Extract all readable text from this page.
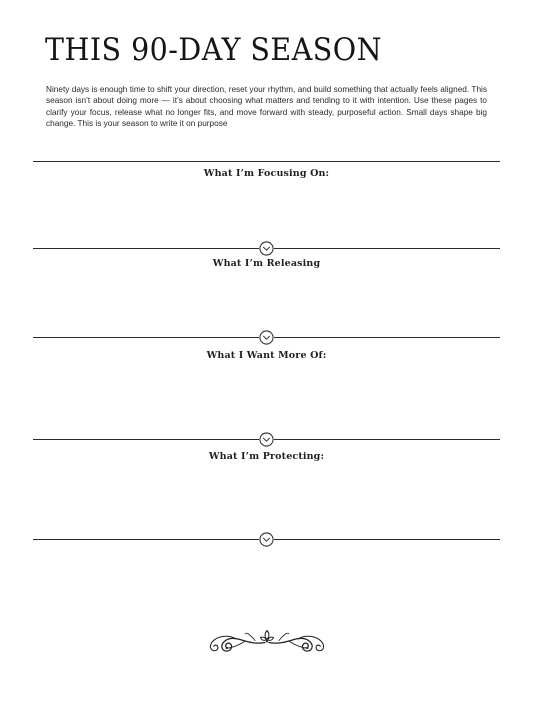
THIS 90-DAY SEASON
Ninety days is enough time to shift your direction, reset your rhythm, and build something that actually feels aligned. This season isn’t about doing more — it’s about choosing what matters and tending to it with intention. Use these pages to clarify your focus, release what no longer fits, and move forward with steady, purposeful action. Small days shape big change. This is your season to write it on purpose
What I’m Focusing On:
What I’m Releasing
What I Want More Of:
What I’m Protecting:
